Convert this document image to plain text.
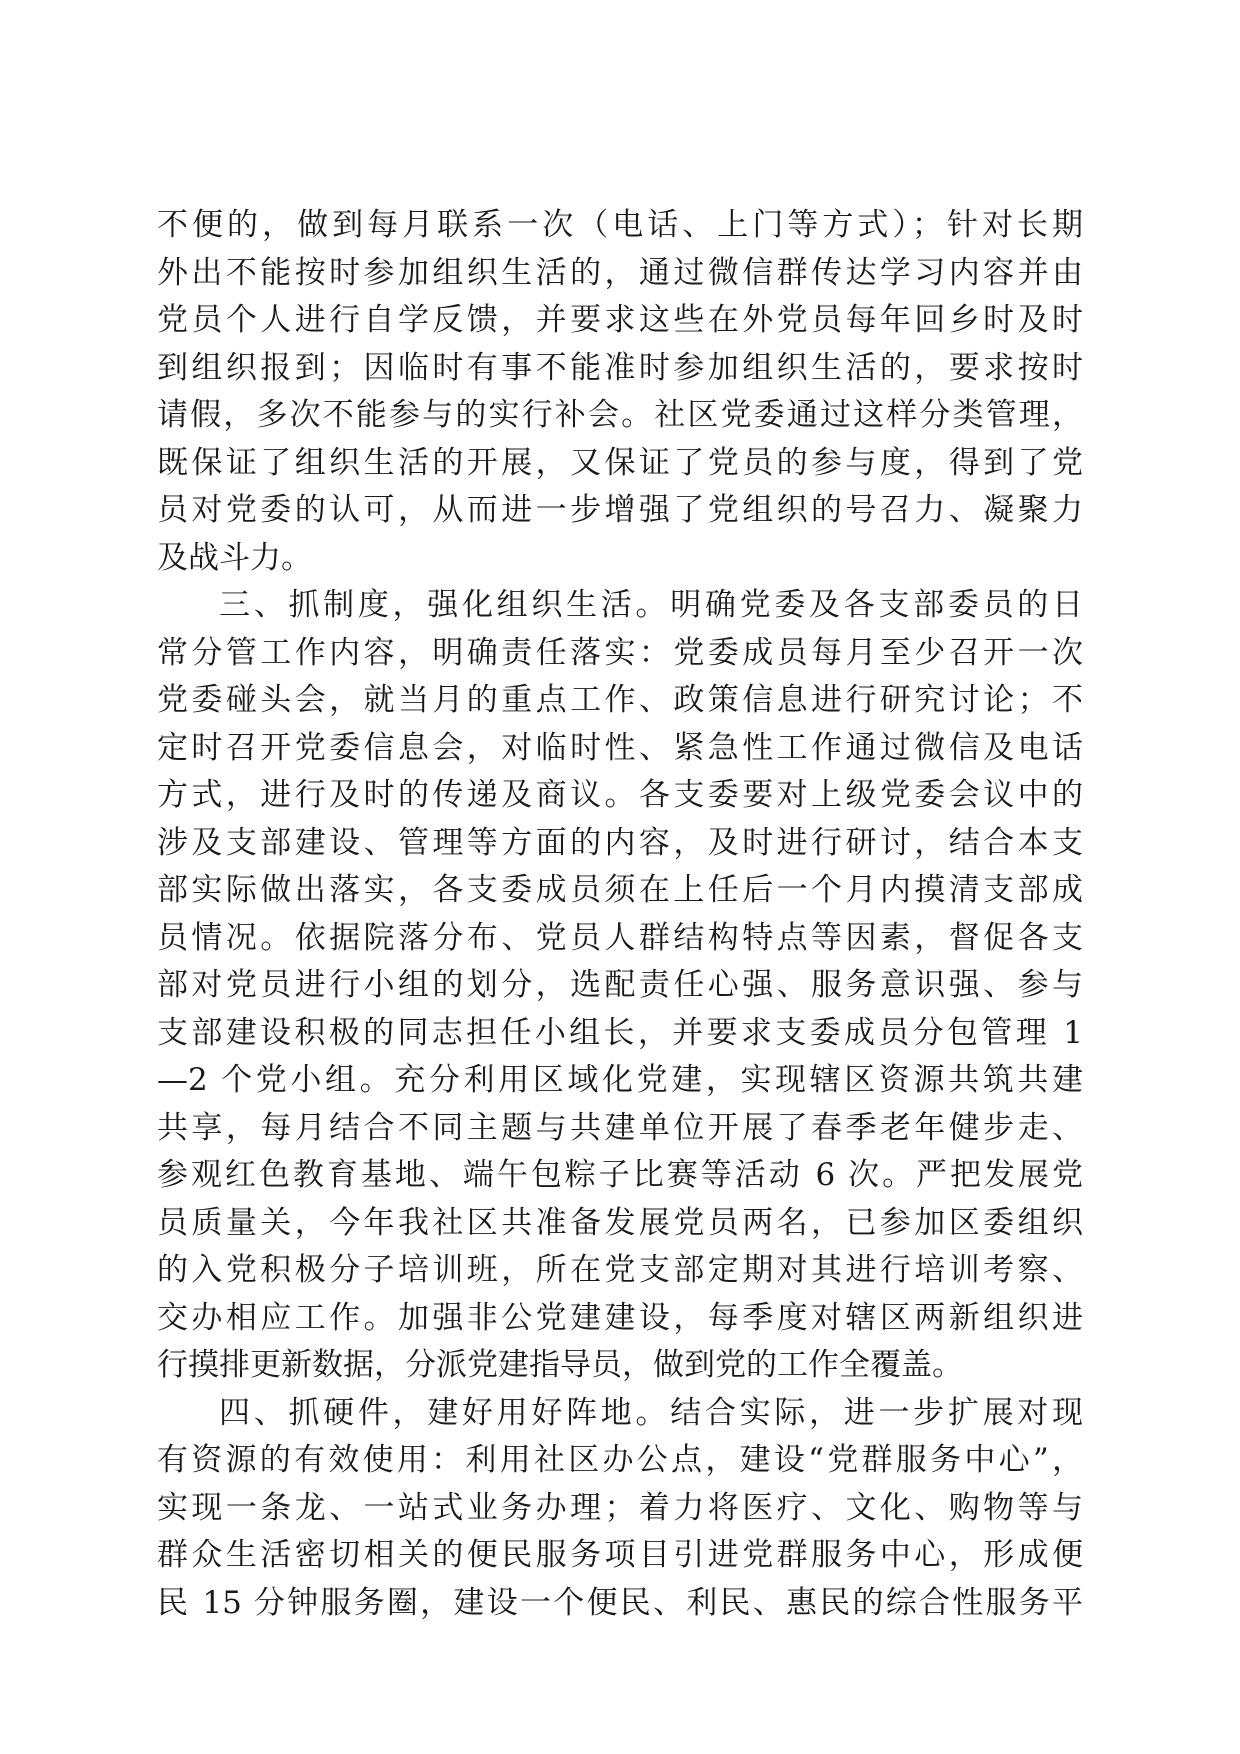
不便的，做到每月联系一次（电话、上门等方式）；针对长期
外出不能按时参加组织生活的，通过微信群传达学习内容并由
党员个人进行自学反馈，并要求这些在外党员每年回乡时及时
到组织报到；因临时有事不能准时参加组织生活的，要求按时
请假，多次不能参与的实行补会。社区党委通过这样分类管理，
既保证了组织生活的开展，又保证了党员的参与度，得到了党
员对党委的认可，从而进一步增强了党组织的号召力、凝聚力
及战斗力。
三、抓制度，强化组织生活。明确党委及各支部委员的日
常分管工作内容，明确责任落实：党委成员每月至少召开一次
党委碰头会，就当月的重点工作、政策信息进行研究讨论；不
定时召开党委信息会，对临时性、紧急性工作通过微信及电话
方式，进行及时的传递及商议。各支委要对上级党委会议中的
涉及支部建设、管理等方面的内容，及时进行研讨，结合本支
部实际做出落实，各支委成员须在上任后一个月内摸清支部成
员情况。依据院落分布、党员人群结构特点等因素，督促各支
部对党员进行小组的划分，选配责任心强、服务意识强、参与
支部建设积极的同志担任小组长，并要求支委成员分包管理 1
—2 个党小组。充分利用区域化党建，实现辖区资源共筑共建
共享，每月结合不同主题与共建单位开展了春季老年健步走、
参观红色教育基地、端午包粽子比赛等活动 6 次。严把发展党
员质量关，今年我社区共准备发展党员两名，已参加区委组织
的入党积极分子培训班，所在党支部定期对其进行培训考察、
交办相应工作。加强非公党建建设，每季度对辖区两新组织进
行摸排更新数据，分派党建指导员，做到党的工作全覆盖。
四、抓硬件，建好用好阵地。结合实际，进一步扩展对现
有资源的有效使用：利用社区办公点，建设“党群服务中心”，
实现一条龙、一站式业务办理；着力将医疗、文化、购物等与
群众生活密切相关的便民服务项目引进党群服务中心，形成便
民 15 分钟服务圈，建设一个便民、利民、惠民的综合性服务平
